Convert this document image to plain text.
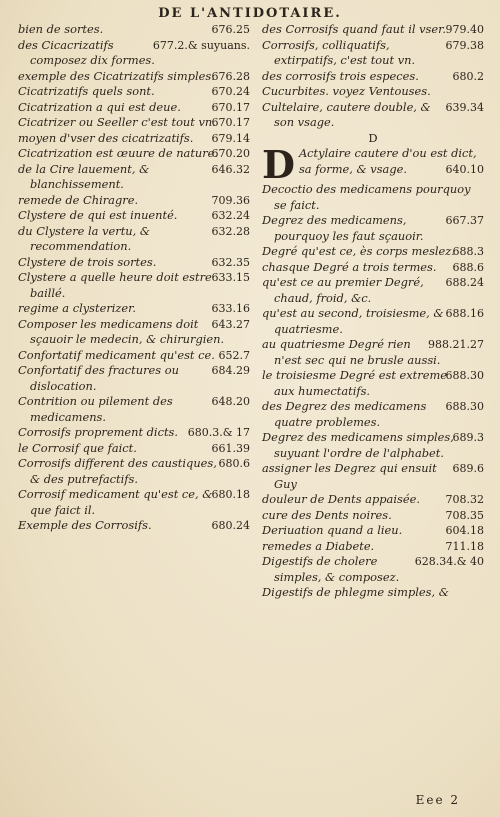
DE L'ANTIDOTAIRE.
676.25
bien de sortes.
677.2.& suyuans.
des Cicacrizatifs composez dix formes.
676.28
exemple des Cicatrizatifs simples.
670.24
Cicatrizatifs quels sont.
670.17
Cicatrization a qui est deue.
670.17
Cicatrizer ou Seeller c'est tout vn.
679.14
moyen d'vser des cicatrizatifs.
670.20
Cicatrization est œuure de nature.
646.32
de la Cire lauement, & blanchissement.
709.36
remede de Chiragre.
632.24
Clystere de qui est inuenté.
632.28
du Clystere la vertu, & recommendation.
632.35
Clystere de trois sortes.
633.15
Clystere a quelle heure doit estre baillé.
633.16
regime a clysterizer.
643.27
Composer les medicamens doit sçauoir le medecin, & chirurgien.
652.7
Confortatif medicament qu'est ce.
684.29
Confortatif des fractures ou dislocation.
648.20
Contrition ou pilement des medicamens.
680.3.& 17
Corrosifs proprement dicts.
661.39
le Corrosif que faict.
680.6
Corrosifs different des caustiques, & des putrefactifs.
680.18
Corrosif medicament qu'est ce, & que faict il.
680.24
Exemple des Corrosifs.
979.40
des Corrosifs quand faut il vser.
679.38
Corrosifs, colliquatifs, extirpatifs, c'est tout vn.
680.2
des corrosifs trois especes.
Cucurbites. voyez Ventouses.
639.34
Cultelaire, cautere double, & son vsage.
D
D Actylaire cautere d'ou est dict, sa forme, & vsage.	640.10
Decoctio des medicamens pourquoy se faict.
667.37
Degrez des medicamens, pourquoy les faut sçauoir.
688.3
Degré qu'est ce, ès corps meslez.
688.6
chasque Degré a trois termes.
688.24
qu'est ce au premier Degré, chaud, froid, &c.
688.16
qu'est au second, troisiesme, & quatriesme.
988.21.27
au quatriesme Degré rien n'est sec qui ne brusle aussi.
688.30
le troisiesme Degré est extreme aux humectatifs.
688.30
des Degrez des medicamens quatre problemes.
689.3
Degrez des medicamens simples, suyuant l'ordre de l'alphabet.
689.6
assigner les Degrez qui ensuit Guy
708.32
douleur de Dents appaisée.
708.35
cure des Dents noires.
604.18
Deriuation quand a lieu.
711.18
remedes a Diabete.
628.34.& 40
Digestifs de cholere simples, & composez.
Digestifs de phlegme simples, &
Eee 2
